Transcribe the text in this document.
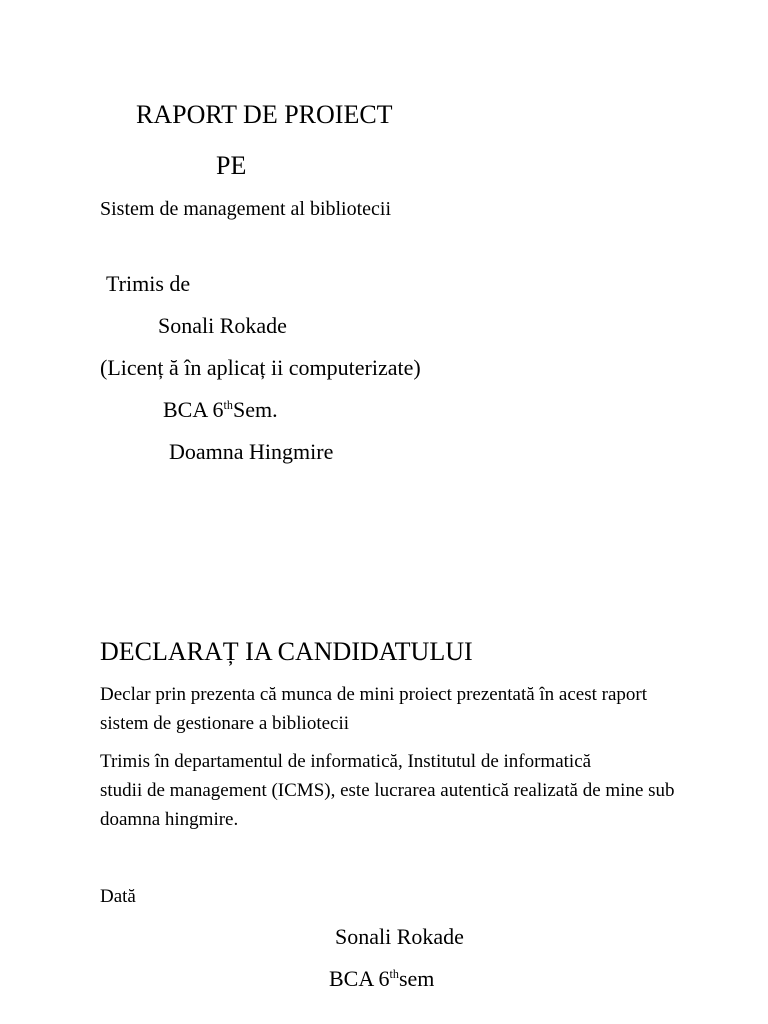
RAPORT DE PROIECT
PE
Sistem de management al bibliotecii
Trimis de
Sonali Rokade
(Licenț ă în aplicaț ii computerizate)
BCA 6thSem.
Doamna Hingmire
DECLARAȚ IA CANDIDATULUI
Declar prin prezenta că munca de mini proiect prezentată în acest raport
sistem de gestionare a bibliotecii
Trimis în departamentul de informatică, Institutul de informatică
studii de management (ICMS), este lucrarea autentică realizată de mine sub
doamna hingmire.
Dată
Sonali Rokade
BCA 6thsem
